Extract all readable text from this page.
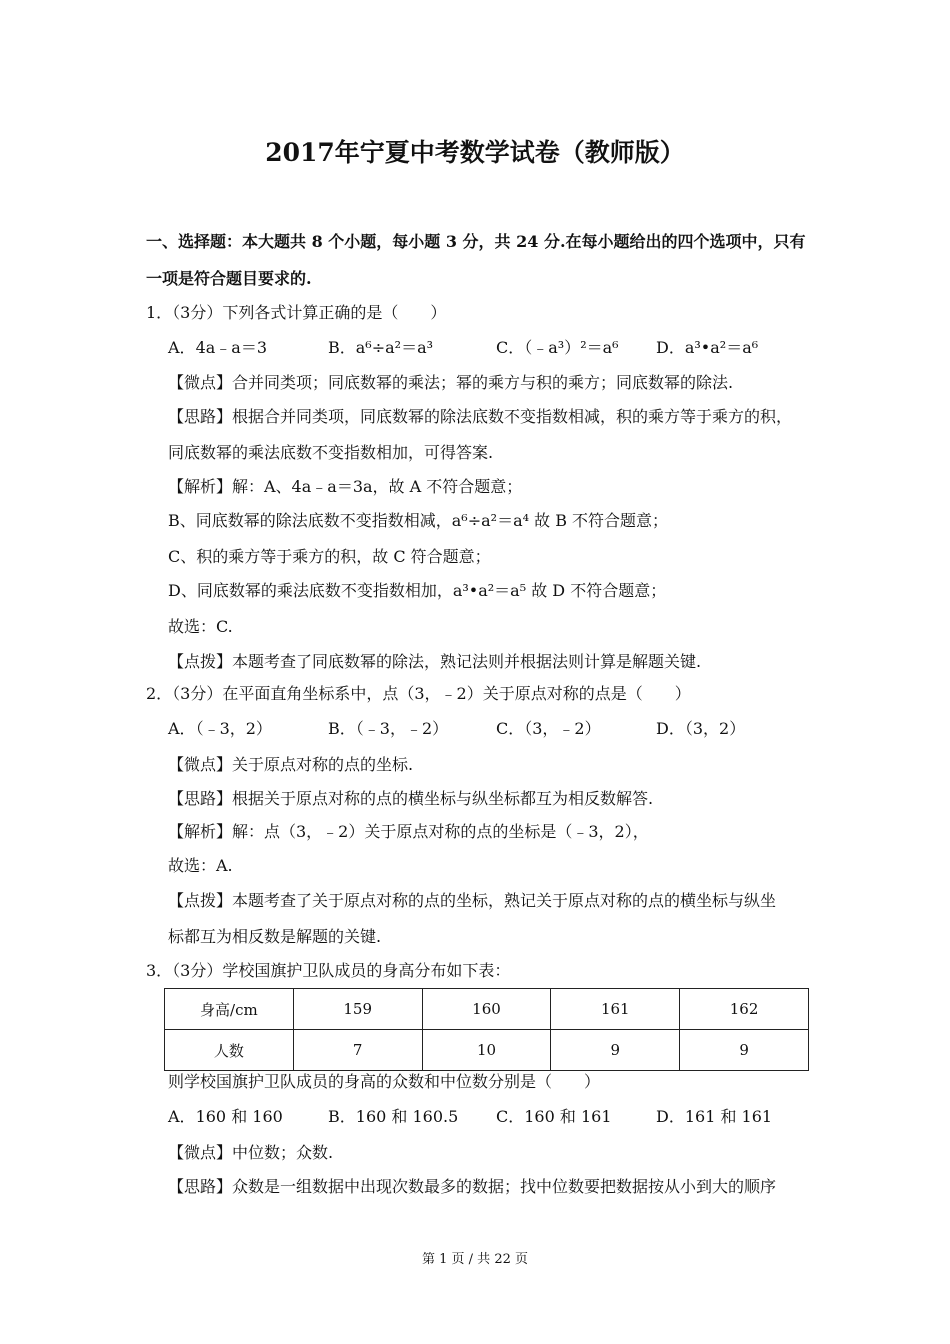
2017年宁夏中考数学试卷（教师版）
一、选择题：本大题共 8 个小题，每小题 3 分，共 24 分.在每小题给出的四个选项中，只有
一项是符合题目要求的.
1．（3分）下列各式计算正确的是（　　）
A．4a﹣a＝3	B．a⁶÷a²＝a³	C．（﹣a³）²＝a⁶ D．a³•a²＝a⁶
【微点】合并同类项；同底数幂的乘法；幂的乘方与积的乘方；同底数幂的除法.
【思路】根据合并同类项，同底数幂的除法底数不变指数相减，积的乘方等于乘方的积，
同底数幂的乘法底数不变指数相加，可得答案.
【解析】解：A、4a﹣a＝3a，故 A 不符合题意；
B、同底数幂的除法底数不变指数相减，a⁶÷a²＝a⁴ 故 B 不符合题意；
C、积的乘方等于乘方的积，故 C 符合题意；
D、同底数幂的乘法底数不变指数相加，a³•a²＝a⁵ 故 D 不符合题意；
故选：C.
【点拨】本题考查了同底数幂的除法，熟记法则并根据法则计算是解题关键.
2．（3分）在平面直角坐标系中，点（3，﹣2）关于原点对称的点是（　　）
A．（﹣3，2）	B．（﹣3，﹣2）	C．（3，﹣2）	D．（3，2）
【微点】关于原点对称的点的坐标.
【思路】根据关于原点对称的点的横坐标与纵坐标都互为相反数解答.
【解析】解：点（3，﹣2）关于原点对称的点的坐标是（﹣3，2），
故选：A.
【点拨】本题考查了关于原点对称的点的坐标，熟记关于原点对称的点的横坐标与纵坐
标都互为相反数是解题的关键.
3．（3分）学校国旗护卫队成员的身高分布如下表：
身高/cm	159	160	161	162
人数	7	10	9	9
则学校国旗护卫队成员的身高的众数和中位数分别是（　　）
A．160 和 160	B．160 和 160.5 C．160 和 161	D．161 和 161
【微点】中位数；众数.
【思路】众数是一组数据中出现次数最多的数据；找中位数要把数据按从小到大的顺序
第 1 页 / 共 22 页
